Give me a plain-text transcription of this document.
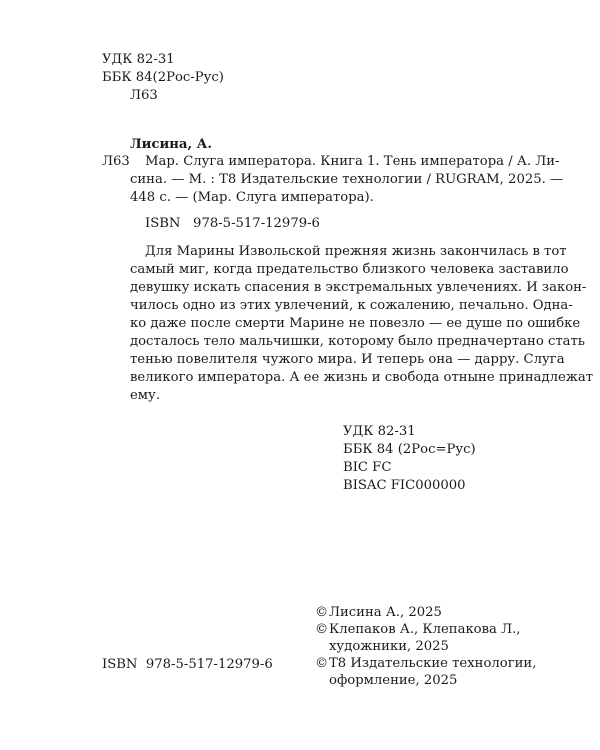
УДК 82-31
ББК 84(2Рос-Рус)
Л63
Лисина, А.
Л63 Мар. Слуга императора. Книга 1. Тень императора / А. Ли-
сина. — М. : T8 Издательские технологии / RUGRAM, 2025. —
448 с. — (Мар. Слуга императора).
ISBN   978-5-517-12979-6
Для Марины Извольской прежняя жизнь закончилась в тот
самый миг, когда предательство близкого человека заставило
девушку искать спасения в экстремальных увлечениях. И закон-
чилось одно из этих увлечений, к сожалению, печально. Одна-
ко даже после смерти Марине не повезло — ее душе по ошибке
досталось тело мальчишки, которому было предначертано стать
тенью повелителя чужого мира. И теперь она — дарру. Слуга
великого императора. А ее жизнь и свобода отныне принадлежат
ему.
УДК 82-31
ББК 84 (2Рос=Рус)
BIC FC
BISAC FIC000000
©Лисина А., 2025
©Клепаков А., Клепакова Л.,
художники, 2025
©T8 Издательские технологии,
оформление, 2025
ISBN  978-5-517-12979-6
